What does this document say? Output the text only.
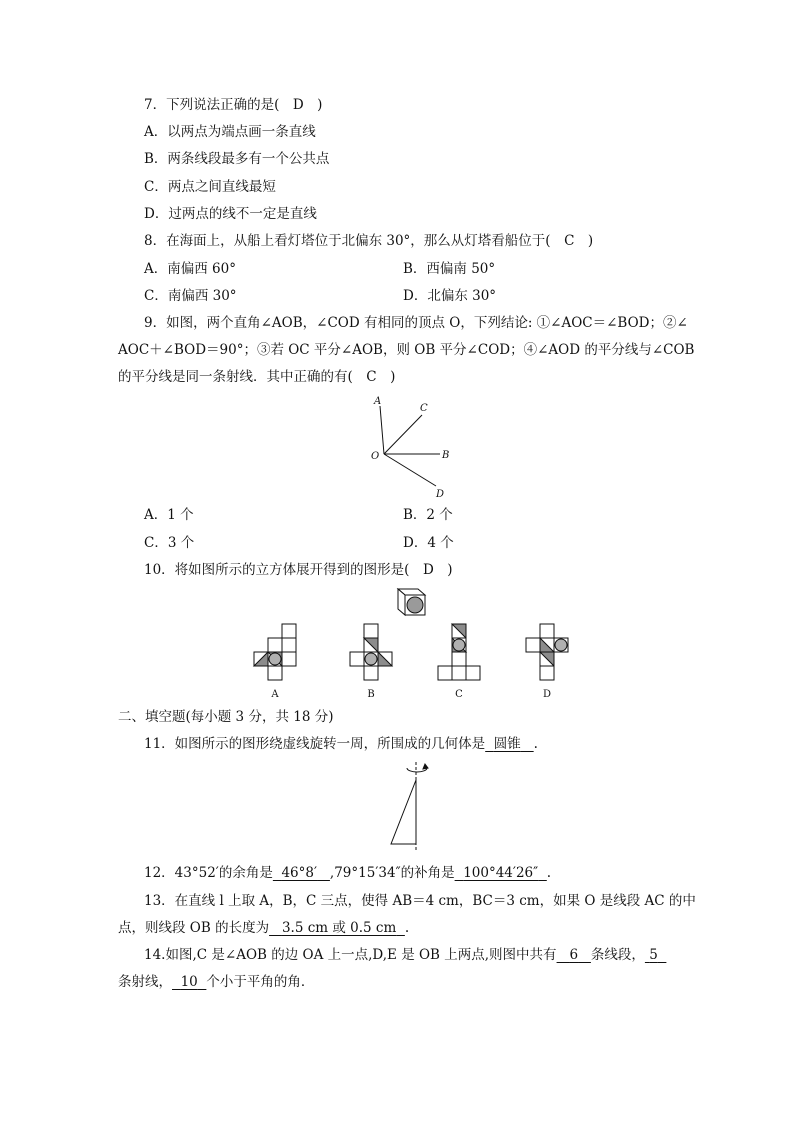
7．下列说法正确的是(　D　)
A．以两点为端点画一条直线
B．两条线段最多有一个公共点
C．两点之间直线最短
D．过两点的线不一定是直线
8．在海面上，从船上看灯塔位于北偏东 30°，那么从灯塔看船位于(　C　)
A．南偏西 60°	B．西偏南 50°
C．南偏西 30°	D．北偏东 30°
9．如图，两个直角∠AOB，∠COD 有相同的顶点 O，下列结论: ①∠AOC＝∠BOD；②∠
AOC＋∠BOD＝90°；③若 OC 平分∠AOB，则 OB 平分∠COD；④∠AOD 的平分线与∠COB
的平分线是同一条射线．其中正确的有(　C　)
A
C
O	B
D
A．1 个	B．2 个
C．3 个	D．4 个
10．将如图所示的立方体展开得到的图形是(　D　)
A	B	C	D
二、填空题(每小题 3 分，共 18 分)
11．如图所示的图形绕虚线旋转一周，所围成的几何体是 圆锥 .
12．43°52′的余角是 46°8′ ,79°15′34″的补角是 100°44′26″ .
13．在直线 l 上取 A，B，C 三点，使得 AB＝4 cm，BC＝3 cm，如果 O 是线段 AC 的中
点，则线段 OB 的长度为 3.5 cm 或 0.5 cm .
14.如图,C 是∠AOB 的边 OA 上一点,D,E 是 OB 上两点,则图中共有 6 条线段， 5
条射线， 10 个小于平角的角．
